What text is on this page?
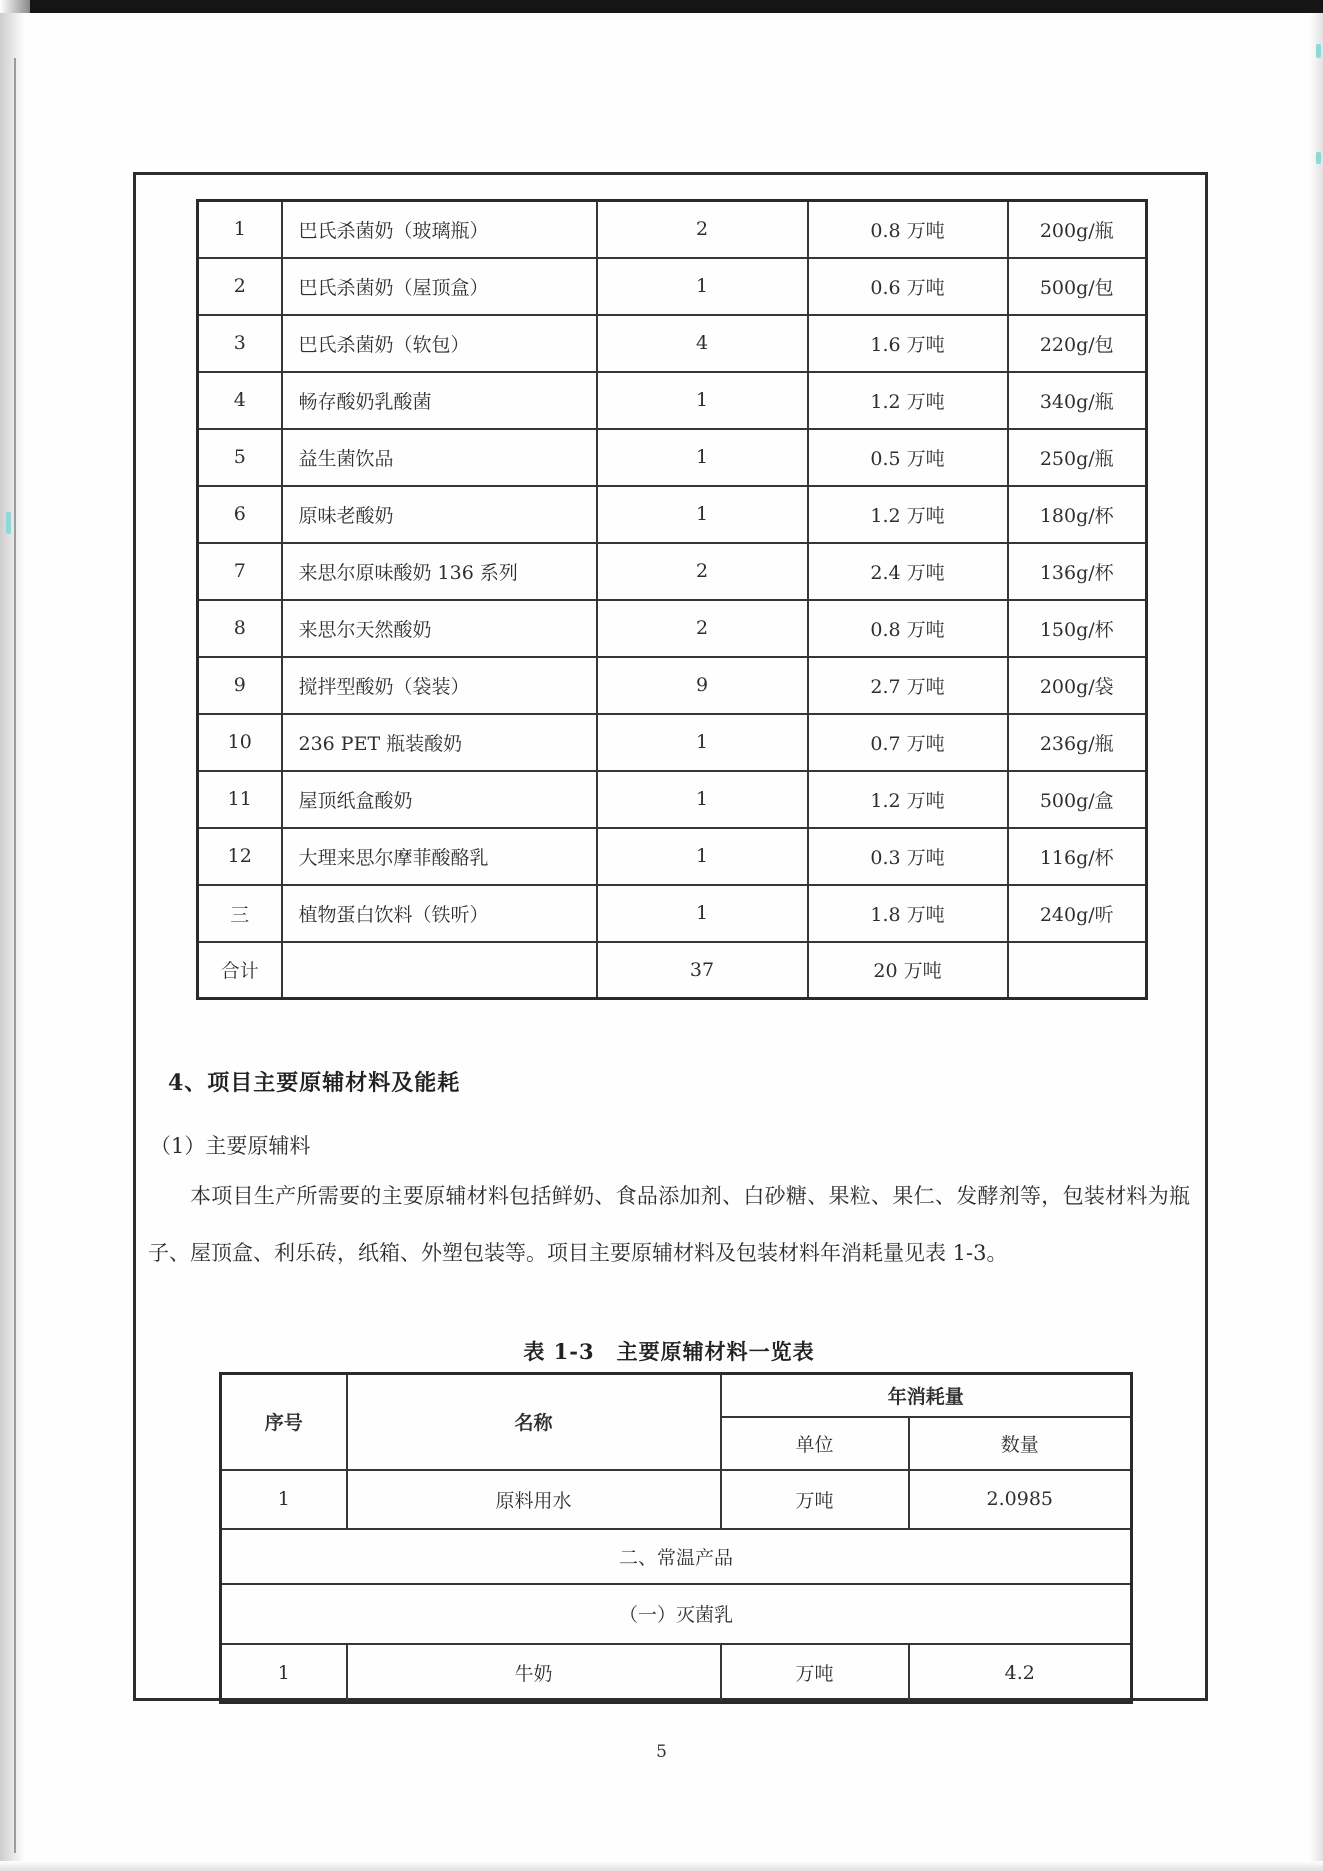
1	巴氏杀菌奶（玻璃瓶）	2	0.8 万吨	200g/瓶
2	巴氏杀菌奶（屋顶盒）	1	0.6 万吨	500g/包
3	巴氏杀菌奶（软包）	4	1.6 万吨	220g/包
4	畅存酸奶乳酸菌	1	1.2 万吨	340g/瓶
5	益生菌饮品	1	0.5 万吨	250g/瓶
6	原味老酸奶	1	1.2 万吨	180g/杯
7	来思尔原味酸奶 136 系列	2	2.4 万吨	136g/杯
8	来思尔天然酸奶	2	0.8 万吨	150g/杯
9	搅拌型酸奶（袋装）	9	2.7 万吨	200g/袋
10	236 PET 瓶装酸奶	1	0.7 万吨	236g/瓶
11	屋顶纸盒酸奶	1	1.2 万吨	500g/盒
12	大理来思尔摩菲酸酪乳	1	0.3 万吨	116g/杯
三	植物蛋白饮料（铁听）	1	1.8 万吨	240g/听
合计		37	20 万吨	
4、项目主要原辅材料及能耗
（1）主要原辅料
本项目生产所需要的主要原辅材料包括鲜奶、食品添加剂、白砂糖、果粒、果仁、发酵剂等，包装材料为瓶子、屋顶盒、利乐砖，纸箱、外塑包装等。项目主要原辅材料及包装材料年消耗量见表 1-3。
表 1-3　主要原辅材料一览表
序号	名称	年消耗量	
		单位	数量
1	原料用水	万吨	2.0985
二、常温产品			
（一）灭菌乳			
1	牛奶	万吨	4.2
5
